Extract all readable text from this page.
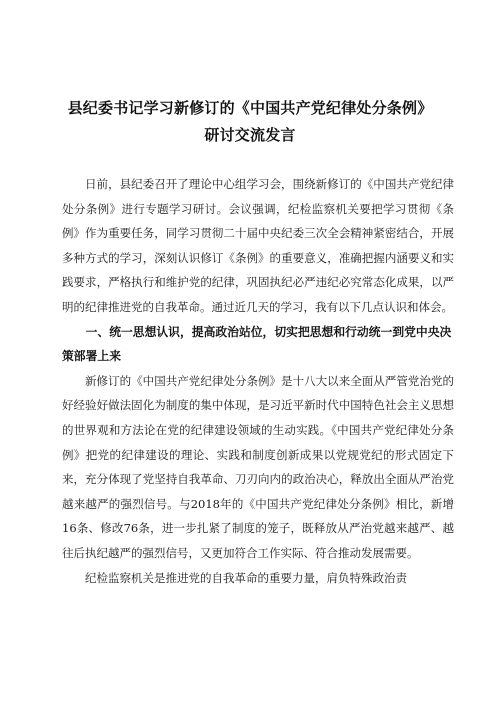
县纪委书记学习新修订的《中国共产党纪律处分条例》
研讨交流发言

日前，县纪委召开了理论中心组学习会，围绕新修订的《中国共产党纪律处分条例》进行专题学习研讨。会议强调，纪检监察机关要把学习贯彻《条例》作为重要任务，同学习贯彻二十届中央纪委三次全会精神紧密结合，开展多种方式的学习，深刻认识修订《条例》的重要意义，准确把握内涵要义和实践要求，严格执行和维护党的纪律，巩固执纪必严违纪必究常态化成果，以严明的纪律推进党的自我革命。通过近几天的学习，我有以下几点认识和体会。

一、统一思想认识，提高政治站位，切实把思想和行动统一到党中央决策部署上来

新修订的《中国共产党纪律处分条例》是十八大以来全面从严管党治党的好经验好做法固化为制度的集中体现，是习近平新时代中国特色社会主义思想的世界观和方法论在党的纪律建设领域的生动实践。《中国共产党纪律处分条例》把党的纪律建设的理论、实践和制度创新成果以党规党纪的形式固定下来，充分体现了党坚持自我革命、刀刃向内的政治决心，释放出全面从严治党越来越严的强烈信号。与2018年的《中国共产党纪律处分条例》相比，新增16条、修改76条，进一步扎紧了制度的笼子，既释放从严治党越来越严、越往后执纪越严的强烈信号，又更加符合工作实际、符合推动发展需要。

纪检监察机关是推进党的自我革命的重要力量，肩负特殊政治责
